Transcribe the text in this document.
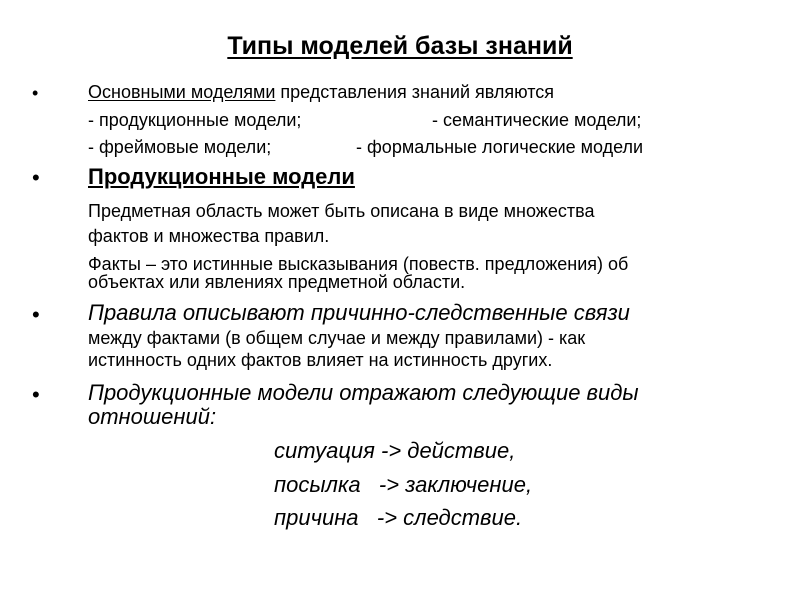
Типы моделей базы знаний
•	Основными моделями представления знаний являются
- продукционные модели;	- семантические модели;
- фреймовые модели;	- формальные логические модели
• Продукционные модели
Предметная область может быть описана в виде множества
фактов и множества правил.
Факты – это истинные высказывания (повеств. предложения) об
объектах или явлениях предметной области.
• Правила описывают причинно-следственные связи
между фактами (в общем случае и между правилами) - как
истинность одних фактов влияет на истинность других.
• Продукционные модели отражают следующие виды
отношений:
ситуация -> действие,
посылка   -> заключение,
причина   -> следствие.
